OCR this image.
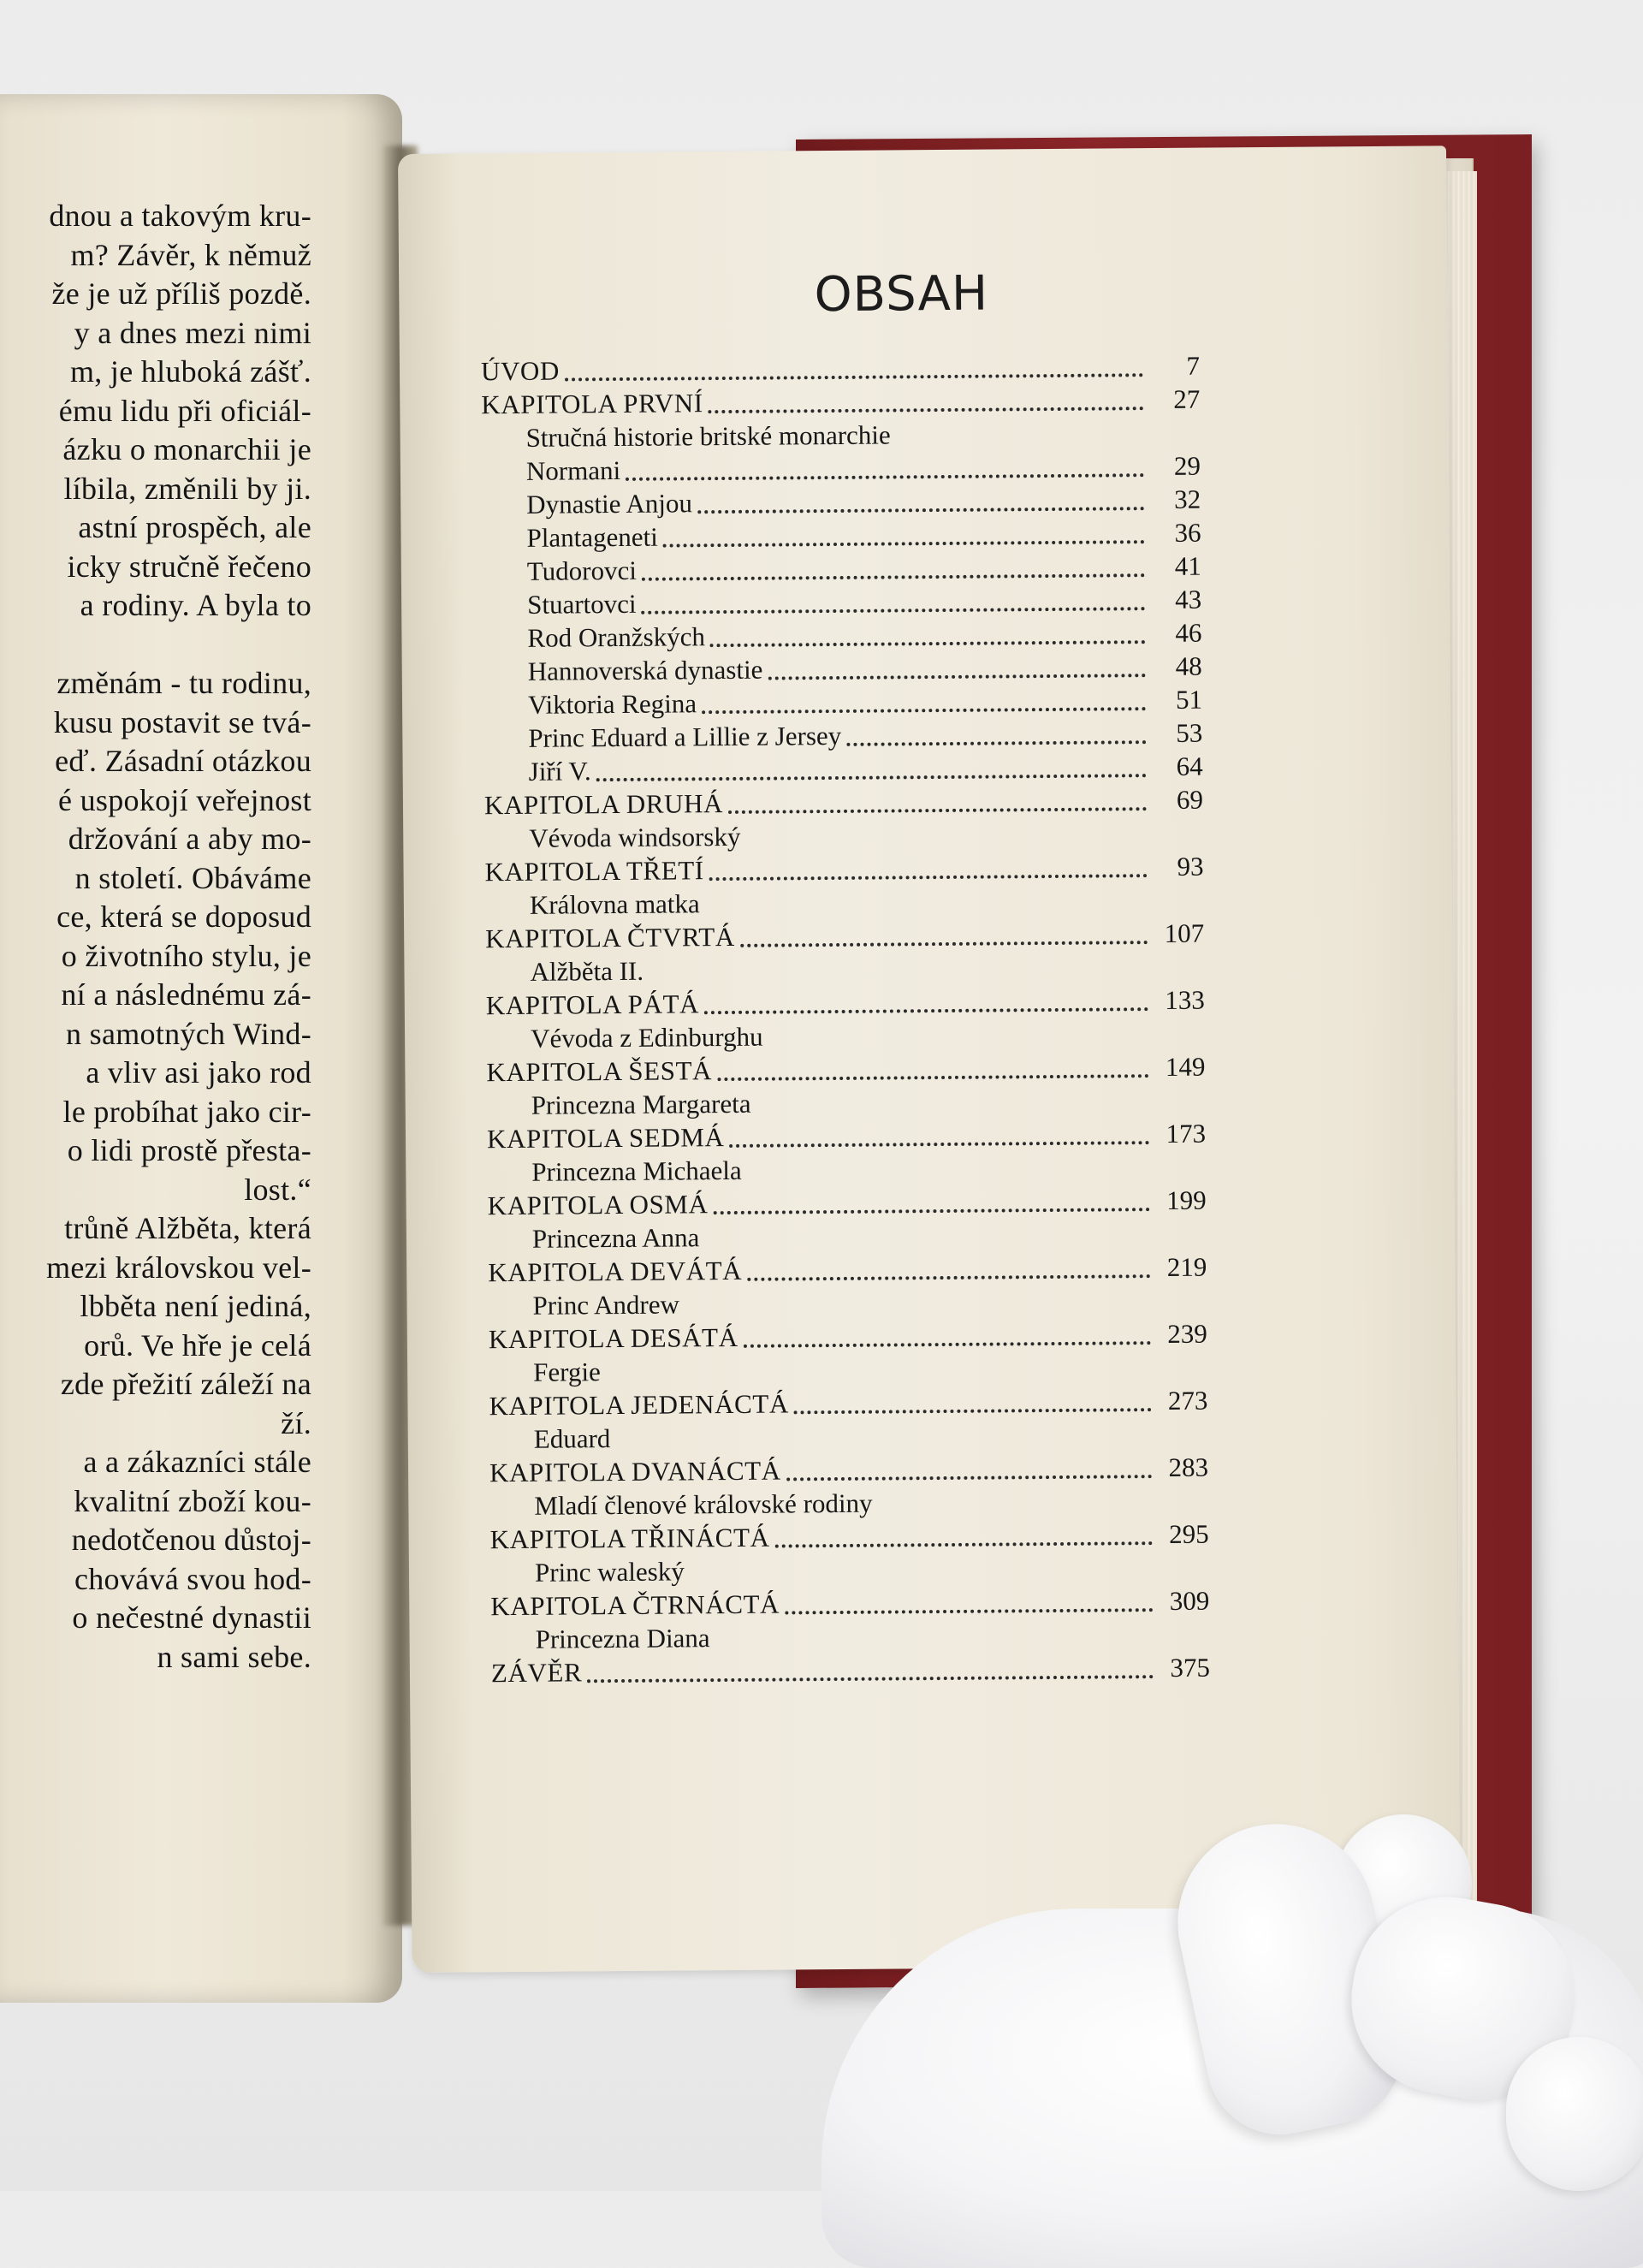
dnou a takovým kru-
m? Závěr, k němuž
že je už příliš pozdě.
y a dnes mezi nimi
m, je hluboká zášť.
ému lidu při oficiál-
ázku o monarchii je
líbila, změnili by ji.
astní prospěch, ale
icky stručně řečeno
a rodiny. A byla to
změnám - tu rodinu,
kusu postavit se tvá-
eď. Zásadní otázkou
é uspokojí veřejnost
držování a aby mo-
n století. Obáváme
ce, která se doposud
o životního stylu, je
ní a následnému zá-
n samotných Wind-
a vliv asi jako rod
le probíhat jako cir-
o lidi prostě přesta-
lost.“
trůně Alžběta, která
mezi královskou vel-
lbběta není jediná,
orů. Ve hře je celá
zde přežití záleží na
ží.
a a zákazníci stále
kvalitní zboží kou-
nedotčenou důstoj-
chovává svou hod-
o nečestné dynastii
n sami sebe.
OBSAH
ÚVOD	7
KAPITOLA PRVNÍ	27
Stručná historie britské monarchie
Normani	29
Dynastie Anjou	32
Plantageneti	36
Tudorovci	41
Stuartovci	43
Rod Oranžských	46
Hannoverská dynastie	48
Viktoria Regina	51
Princ Eduard a Lillie z Jersey	53
Jiří V.	64
KAPITOLA DRUHÁ	69
Vévoda windsorský
KAPITOLA TŘETÍ	93
Královna matka
KAPITOLA ČTVRTÁ	107
Alžběta II.
KAPITOLA PÁTÁ	133
Vévoda z Edinburghu
KAPITOLA ŠESTÁ	149
Princezna Margareta
KAPITOLA SEDMÁ	173
Princezna Michaela
KAPITOLA OSMÁ	199
Princezna Anna
KAPITOLA DEVÁTÁ	219
Princ Andrew
KAPITOLA DESÁTÁ	239
Fergie
KAPITOLA JEDENÁCTÁ	273
Eduard
KAPITOLA DVANÁCTÁ	283
Mladí členové královské rodiny
KAPITOLA TŘINÁCTÁ	295
Princ waleský
KAPITOLA ČTRNÁCTÁ	309
Princezna Diana
ZÁVĚR	375
